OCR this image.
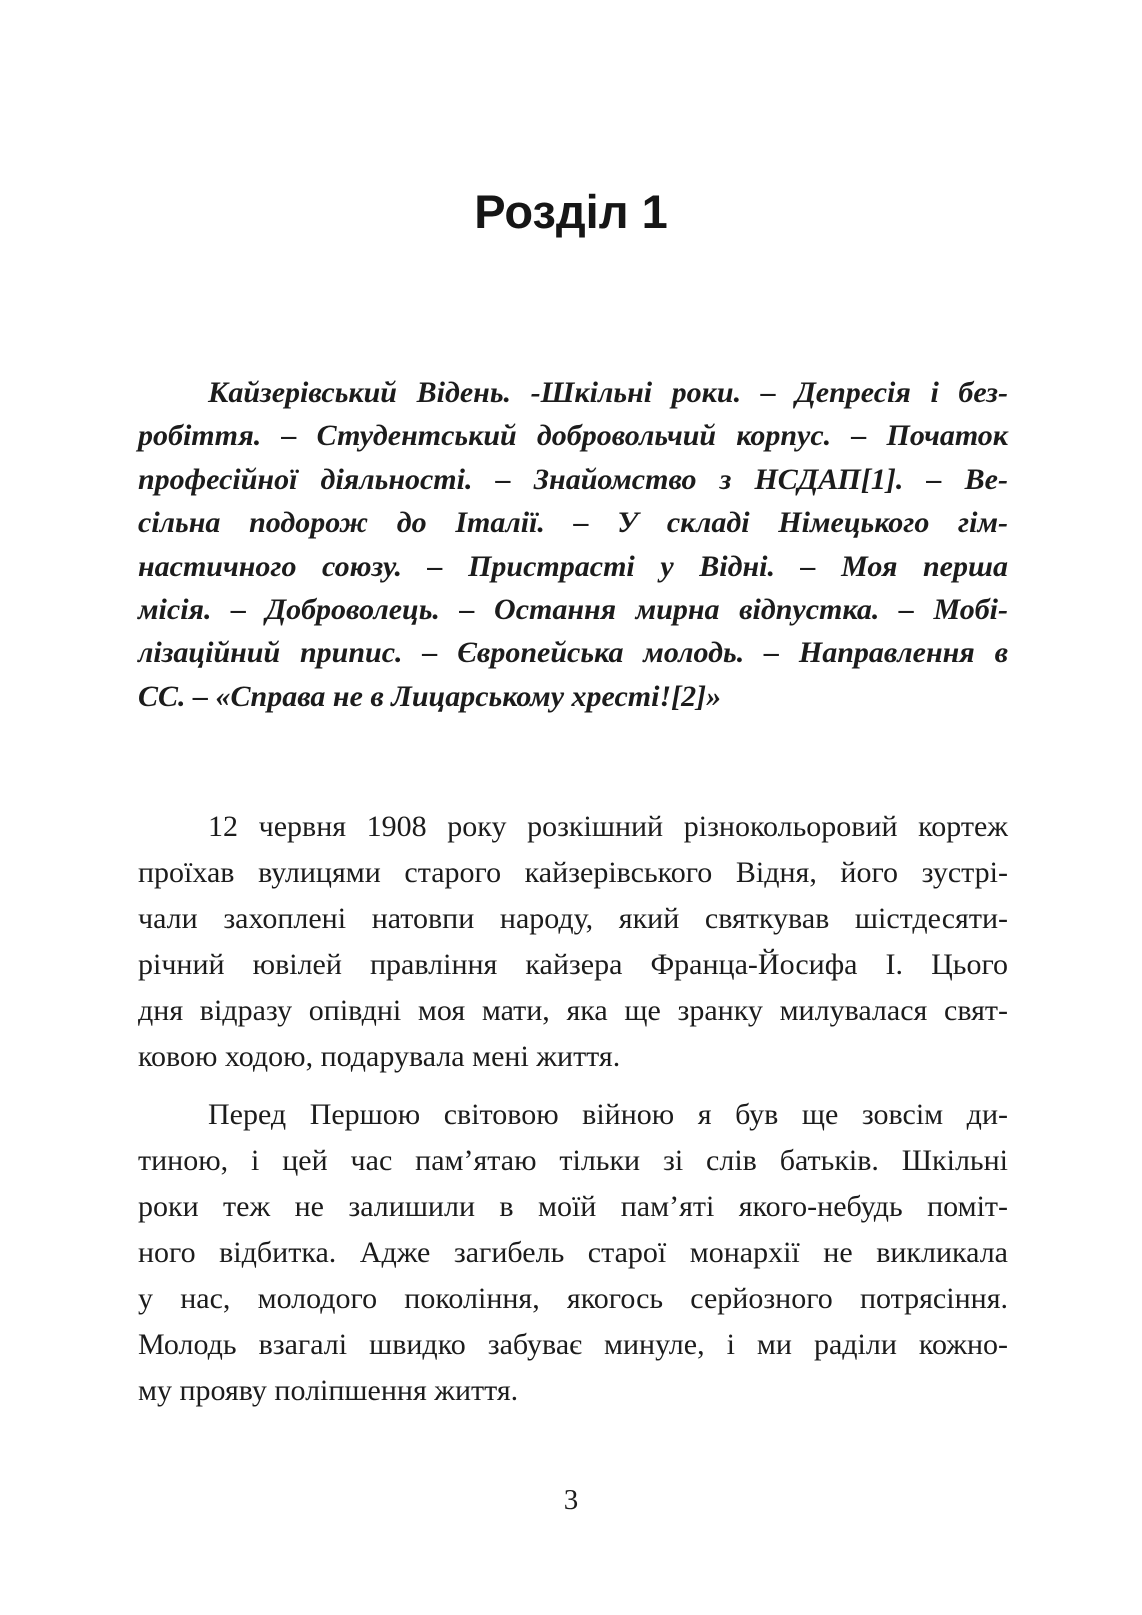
Розділ 1
Кайзерівський Відень. -Шкільні роки. – Депресія і без-
робіття. – Студентський добровольчий корпус. – Початок
професійної діяльності. – Знайомство з НСДАП[1]. – Ве-
сільна подорож до Італії. – У складі Німецького гім-
настичного союзу. – Пристрасті у Відні. – Моя перша
місія. – Доброволець. – Остання мирна відпустка. – Мобі-
лізаційний припис. – Європейська молодь. – Направлення в
СС. – «Справа не в Лицарському хресті![2]»
12 червня 1908 року розкішний різнокольоровий кортеж
проїхав вулицями старого кайзерівського Відня, його зустрі-
чали захоплені натовпи народу, який святкував шістдесяти-
річний ювілей правління кайзера Франца-Йосифа І. Цього
дня відразу опівдні моя мати, яка ще зранку милувалася свят-
ковою ходою, подарувала мені життя.
Перед Першою світовою війною я був ще зовсім ди-
тиною, і цей час пам’ятаю тільки зі слів батьків. Шкільні
роки теж не залишили в моїй пам’яті якого-небудь поміт-
ного відбитка. Адже загибель старої монархії не викликала
у нас, молодого покоління, якогось серйозного потрясіння.
Молодь взагалі швидко забуває минуле, і ми раділи кожно-
му прояву поліпшення життя.
3
